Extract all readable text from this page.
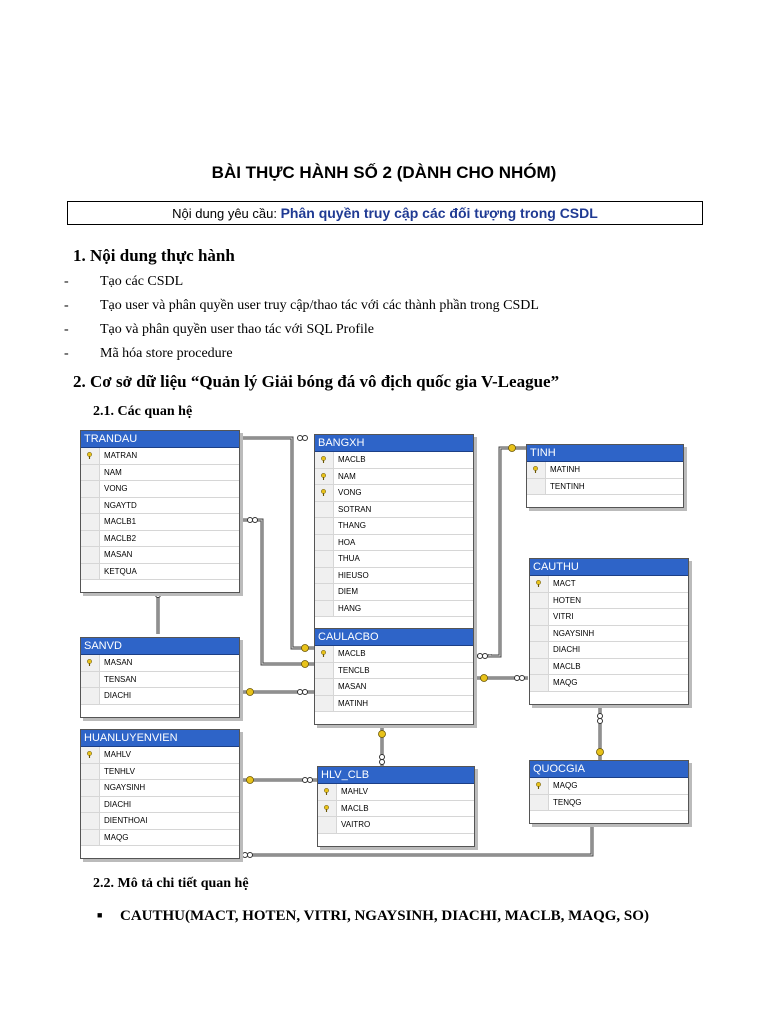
BÀI THỰC HÀNH SỐ 2 (DÀNH CHO NHÓM)
Nội dung yêu cầu: Phân quyền truy cập các đối tượng trong CSDL
1. Nội dung thực hành
- Tạo các CSDL
- Tạo user và phân quyền user truy cập/thao tác với các thành phần trong CSDL
- Tạo và phân quyền user thao tác với SQL Profile
- Mã hóa store procedure
2. Cơ sở dữ liệu “Quản lý Giải bóng đá vô địch quốc gia V-League”
2.1. Các quan hệ
TRANDAU
MATRAN
NAM
VONG
NGAYTD
MACLB1
MACLB2
MASAN
KETQUA
BANGXH
MACLB
NAM
VONG
SOTRAN
THANG
HOA
THUA
HIEUSO
DIEM
HANG
TINH
MATINH
TENTINH
CAUTHU
MACT
HOTEN
VITRI
NGAYSINH
DIACHI
MACLB
MAQG
SANVD
MASAN
TENSAN
DIACHI
CAULACBO
MACLB
TENCLB
MASAN
MATINH
HUANLUYENVIEN
MAHLV
TENHLV
NGAYSINH
DIACHI
DIENTHOAI
MAQG
HLV_CLB
MAHLV
MACLB
VAITRO
QUOCGIA
MAQG
TENQG
2.2. Mô tả chi tiết quan hệ
■ CAUTHU(MACT, HOTEN, VITRI, NGAYSINH, DIACHI, MACLB, MAQG, SO)
